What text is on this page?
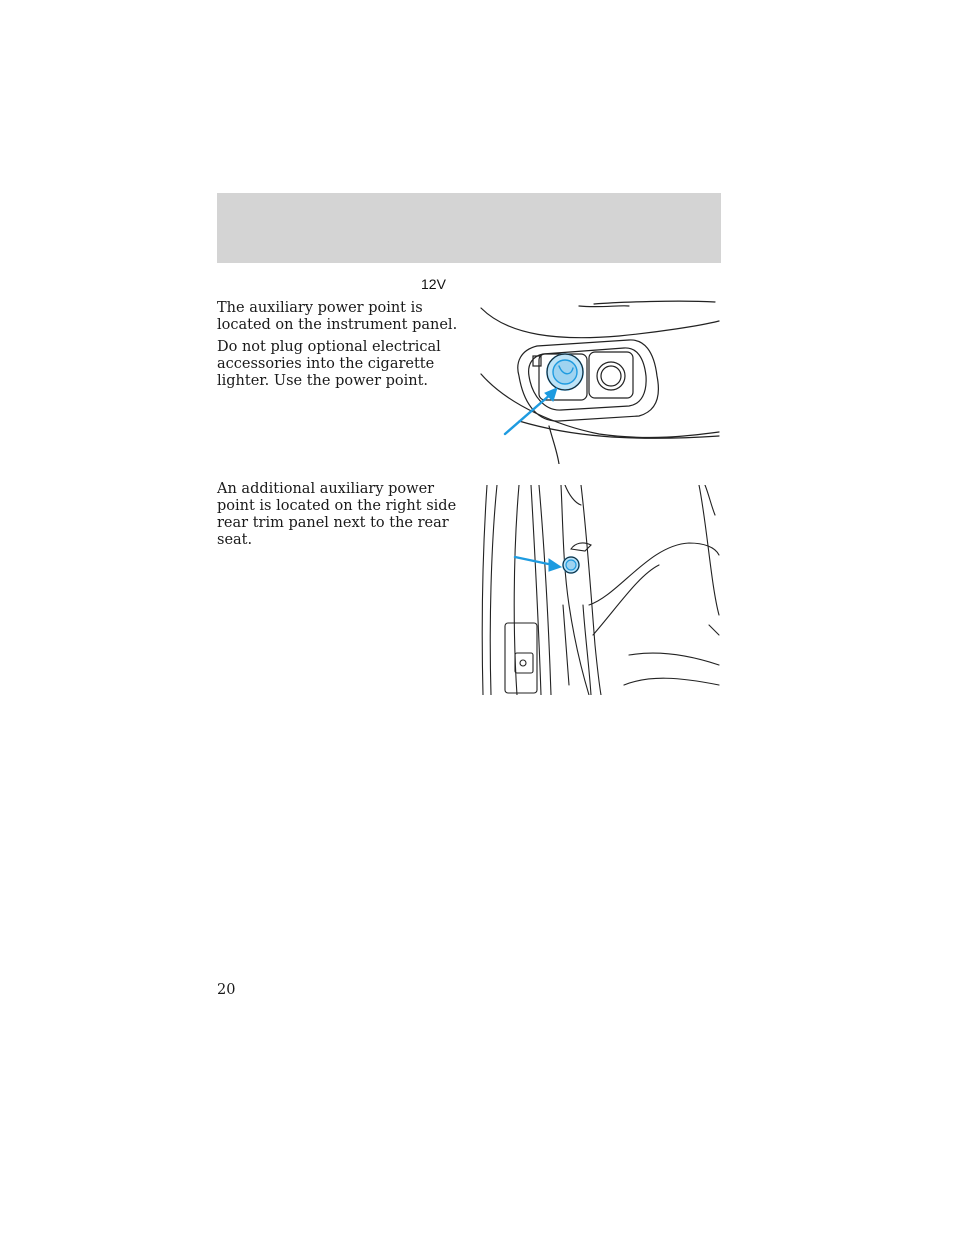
12V

The auxiliary power point is located on the instrument panel.

Do not plug optional electrical accessories into the cigarette lighter. Use the power point.

An additional auxiliary power point is located on the right side rear trim panel next to the rear seat.

20
